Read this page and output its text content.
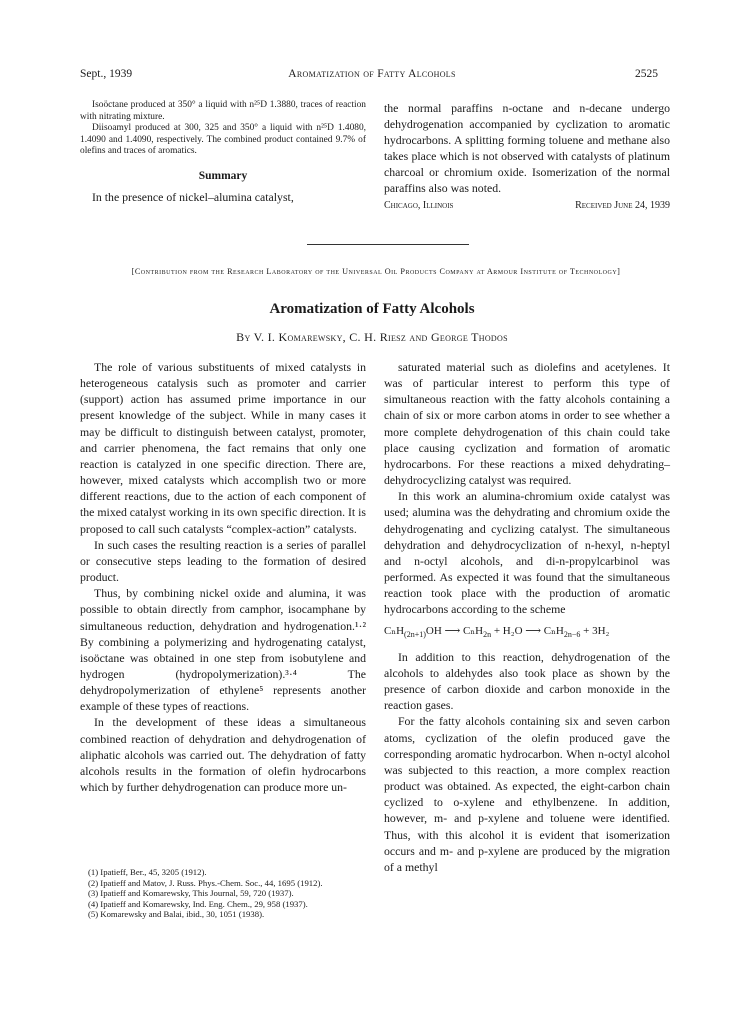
Sept., 1939	Aromatization of Fatty Alcohols	2525

Isoöctane produced at 350° a liquid with n²⁵D 1.3880, traces of reaction with nitrating mixture.

Diisoamyl produced at 300, 325 and 350° a liquid with n²⁵D 1.4080, 1.4090 and 1.4090, respectively. The combined product contained 9.7% of olefins and traces of aromatics.

Summary

In the presence of nickel–alumina catalyst,

the normal paraffins n-octane and n-decane undergo dehydrogenation accompanied by cyclization to aromatic hydrocarbons. A splitting forming toluene and methane also takes place which is not observed with catalysts of platinum charcoal or chromium oxide. Isomerization of the normal paraffins also was noted.
Chicago, Illinois	Received June 24, 1939
[Contribution from the Research Laboratory of the Universal Oil Products Company at Armour Institute of Technology]
Aromatization of Fatty Alcohols
By V. I. Komarewsky, C. H. Riesz and George Thodos

The role of various substituents of mixed catalysts in heterogeneous catalysis such as promoter and carrier (support) action has assumed prime importance in our present knowledge of the subject. While in many cases it may be difficult to distinguish between catalyst, promoter, and carrier phenomena, the fact remains that only one reaction is catalyzed in one specific direction. There are, however, mixed catalysts which accomplish two or more different reactions, due to the action of each component of the mixed catalyst working in its own specific direction. It is proposed to call such catalysts “complex-action” catalysts.

In such cases the resulting reaction is a series of parallel or consecutive steps leading to the formation of desired product.

Thus, by combining nickel oxide and alumina, it was possible to obtain directly from camphor, isocamphane by simultaneous reduction, dehydration and hydrogenation.¹·² By combining a polymerizing and hydrogenating catalyst, isoöctane was obtained in one step from isobutylene and hydrogen (hydropolymerization).³·⁴ The dehydropolymerization of ethylene⁵ represents another example of these types of reactions.

In the development of these ideas a simultaneous combined reaction of dehydration and dehydrogenation of aliphatic alcohols was carried out. The dehydration of fatty alcohols results in the formation of olefin hydrocarbons which by further dehydrogenation can produce more un-

(1) Ipatieff, Ber., 45, 3205 (1912).
(2) Ipatieff and Matov, J. Russ. Phys.-Chem. Soc., 44, 1695 (1912).
(3) Ipatieff and Komarewsky, This Journal, 59, 720 (1937).
(4) Ipatieff and Komarewsky, Ind. Eng. Chem., 29, 958 (1937).
(5) Komarewsky and Balai, ibid., 30, 1051 (1938).

saturated material such as diolefins and acetylenes. It was of particular interest to perform this type of simultaneous reaction with the fatty alcohols containing a chain of six or more carbon atoms in order to see whether a more complete dehydrogenation of this chain could take place causing cyclization and formation of aromatic hydrocarbons. For these reactions a mixed dehydrating–dehydrocyclizing catalyst was required.

In this work an alumina-chromium oxide catalyst was used; alumina was the dehydrating and chromium oxide the dehydrogenating and cyclizing catalyst. The simultaneous dehydration and dehydrocyclization of n-hexyl, n-heptyl and n-octyl alcohols, and di-n-propylcarbinol was performed. As expected it was found that the simultaneous reaction took place with the production of aromatic hydrocarbons according to the scheme

CₙH$_{(2n+1)}$OH ⟶ CₙH$_{2n}$ + H₂O ⟶ CₙH$_{2n-6}$ + 3H₂

In addition to this reaction, dehydrogenation of the alcohols to aldehydes also took place as shown by the presence of carbon dioxide and carbon monoxide in the reaction gases.

For the fatty alcohols containing six and seven carbon atoms, cyclization of the olefin produced gave the corresponding aromatic hydrocarbon. When n-octyl alcohol was subjected to this reaction, a more complex reaction product was obtained. As expected, the eight-carbon chain cyclized to o-xylene and ethylbenzene. In addition, however, m- and p-xylene and toluene were identified. Thus, with this alcohol it is evident that isomerization occurs and m- and p-xylene are produced by the migration of a methyl
